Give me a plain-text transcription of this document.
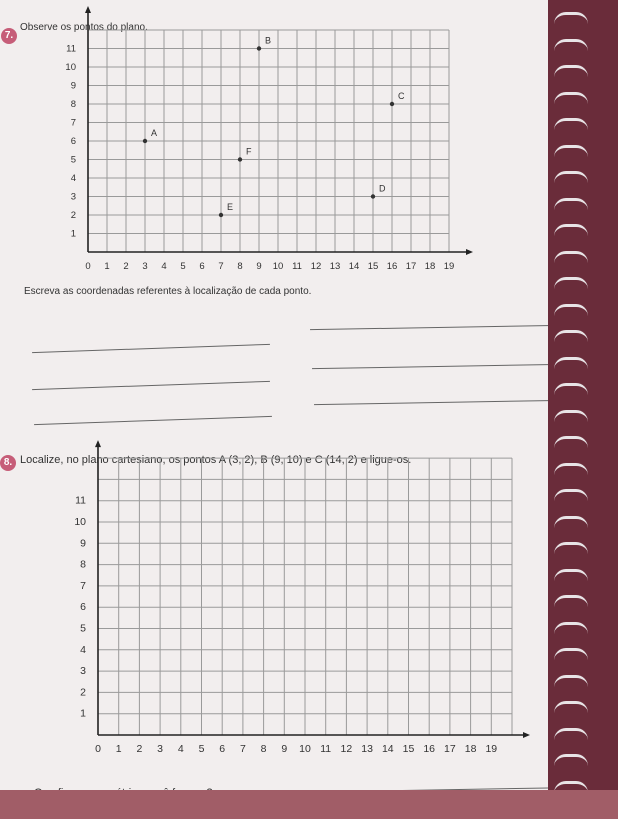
7.
Observe os pontos do plano.
0 1 2 3 4 5 6 7 8 9 10 11 12 13 14 15 16 17 18 19
1
2
3
4
5
6
7
8
9
10
11
A
B
C
D
E
F
Escreva as coordenadas referentes à localização de cada ponto.
8. Localize, no plano cartesiano, os pontos A (3, 2), B (9, 10) e C (14, 2) e ligue-os.
0 1 2 3 4 5 6 7 8 9 10 11 12 13 14 15 16 17 18 19
1
2
3
4
5
6
7
8
9
10
11
